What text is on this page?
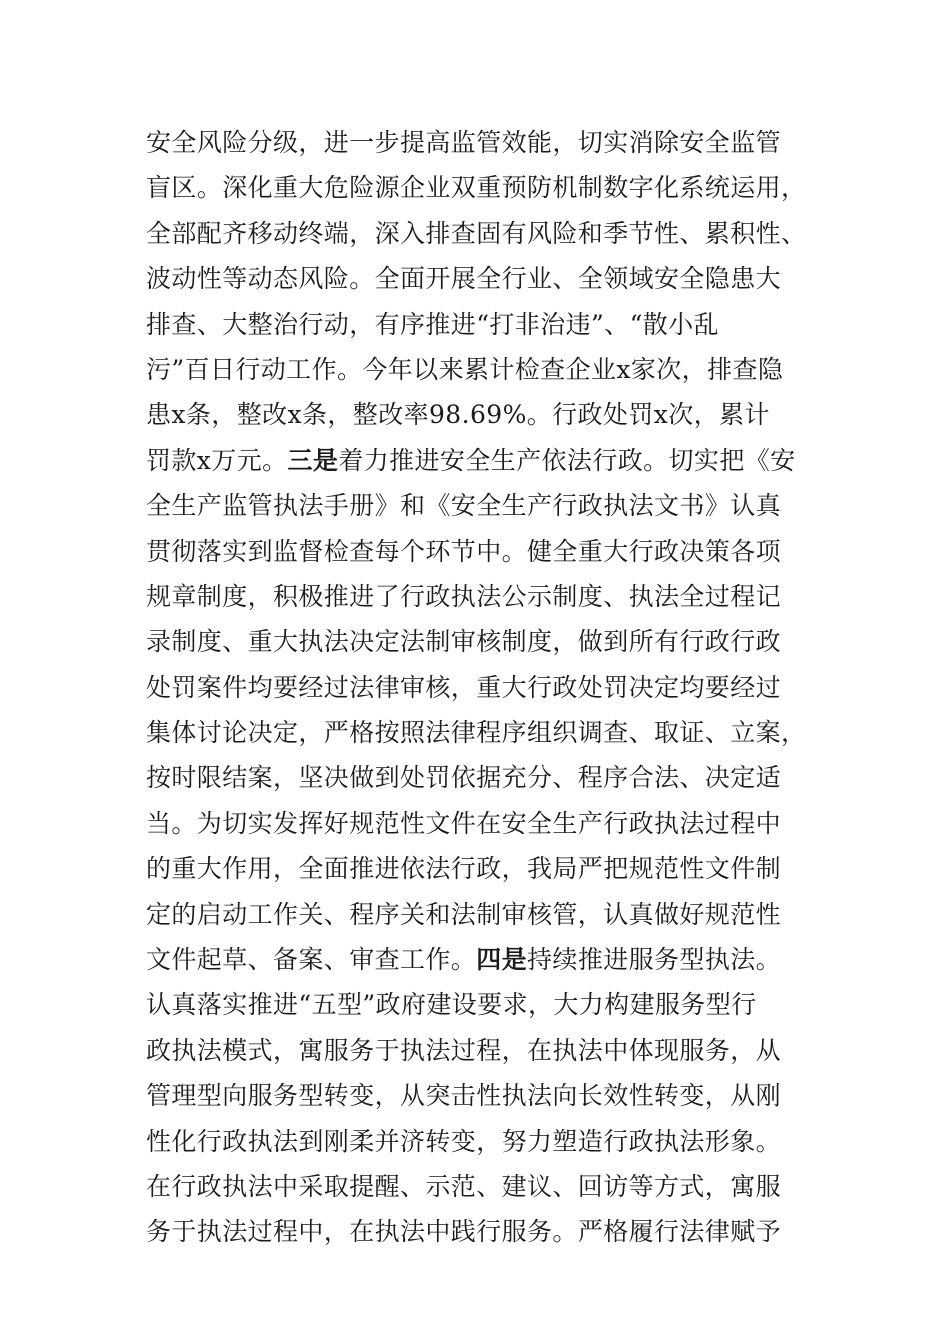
安全风险分级，进一步提高监管效能，切实消除安全监管
盲区。深化重大危险源企业双重预防机制数字化系统运用，
全部配齐移动终端，深入排查固有风险和季节性、累积性、
波动性等动态风险。全面开展全行业、全领域安全隐患大
排查、大整治行动，有序推进“打非治违”、“散小乱
污”百日行动工作。今年以来累计检查企业x家次，排查隐
患x条，整改x条，整改率98.69%。行政处罚x次，累计
罚款x万元。三是着力推进安全生产依法行政。切实把《安
全生产监管执法手册》和《安全生产行政执法文书》认真
贯彻落实到监督检查每个环节中。健全重大行政决策各项
规章制度，积极推进了行政执法公示制度、执法全过程记
录制度、重大执法决定法制审核制度，做到所有行政行政
处罚案件均要经过法律审核，重大行政处罚决定均要经过
集体讨论决定，严格按照法律程序组织调查、取证、立案，
按时限结案，坚决做到处罚依据充分、程序合法、决定适
当。为切实发挥好规范性文件在安全生产行政执法过程中
的重大作用，全面推进依法行政，我局严把规范性文件制
定的启动工作关、程序关和法制审核管，认真做好规范性
文件起草、备案、审查工作。四是持续推进服务型执法。
认真落实推进“五型”政府建设要求，大力构建服务型行
政执法模式，寓服务于执法过程，在执法中体现服务，从
管理型向服务型转变，从突击性执法向长效性转变，从刚
性化行政执法到刚柔并济转变，努力塑造行政执法形象。
在行政执法中采取提醒、示范、建议、回访等方式，寓服
务于执法过程中，在执法中践行服务。严格履行法律赋予
